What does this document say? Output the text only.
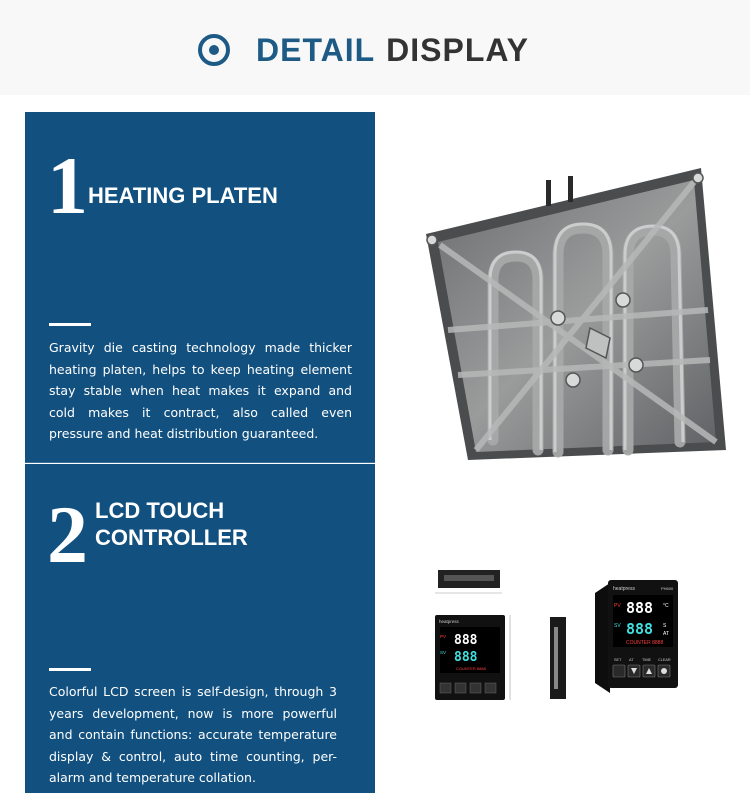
DETAIL DISPLAY
1 HEATING PLATEN
Gravity die casting technology made thicker heating platen, helps to keep heating element stay stable when heat makes it expand and cold makes it contract, also called even pressure and heat distribution guaranteed.
2 LCD TOUCH
CONTROLLER
Colorful LCD screen is self-design, through 3 years development, now is more powerful and contain functions: accurate temperature display & control, auto time counting, per-alarm and temperature collation.
heatpress
PV 888
SV 888
COUNTER 8888
heatpress	PH600
PV 888 °C
SV 888 S
AT
COUNTER 8888
SET AT TIME CLEAR
